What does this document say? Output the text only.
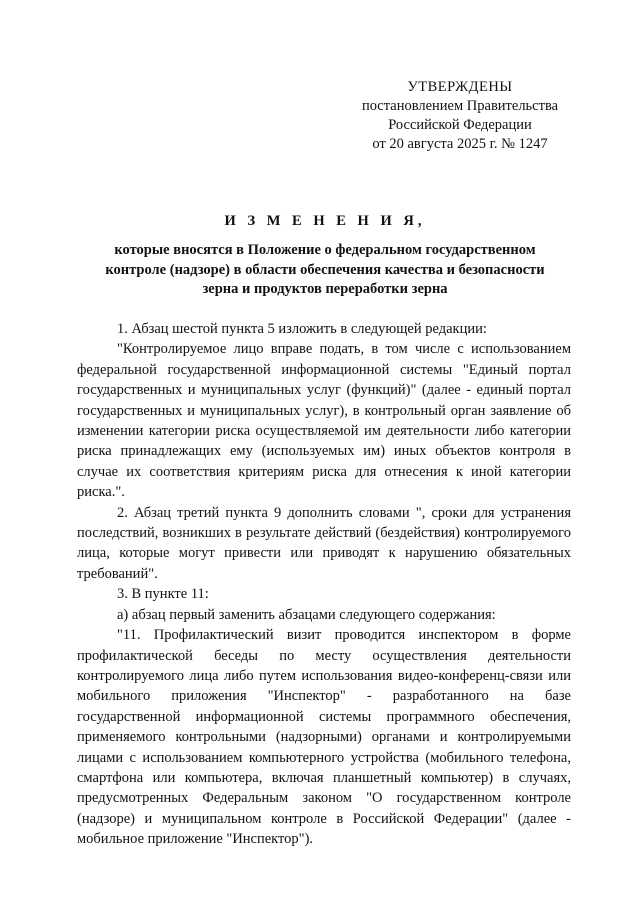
УТВЕРЖДЕНЫ
постановлением Правительства
Российской Федерации
от 20 августа 2025 г. № 1247
И З М Е Н Е Н И Я,
которые вносятся в Положение о федеральном государственном
контроле (надзоре) в области обеспечения качества и безопасности
зерна и продуктов переработки зерна

1. Абзац шестой пункта 5 изложить в следующей редакции:

"Контролируемое лицо вправе подать, в том числе с использованием федеральной государственной информационной системы "Единый портал государственных и муниципальных услуг (функций)" (далее - единый портал государственных и муниципальных услуг), в контрольный орган заявление об изменении категории риска осуществляемой им деятельности либо категории риска принадлежащих ему (используемых им) иных объектов контроля в случае их соответствия критериям риска для отнесения к иной категории риска.".

2. Абзац третий пункта 9 дополнить словами ", сроки для устранения последствий, возникших в результате действий (бездействия) контролируемого лица, которые могут привести или приводят к нарушению обязательных требований".

3. В пункте 11:

а) абзац первый заменить абзацами следующего содержания:

"11. Профилактический визит проводится инспектором в форме профилактической беседы по месту осуществления деятельности контролируемого лица либо путем использования видео-конференц-связи или мобильного приложения "Инспектор" - разработанного на базе государственной информационной системы программного обеспечения, применяемого контрольными (надзорными) органами и контролируемыми лицами с использованием компьютерного устройства (мобильного телефона, смартфона или компьютера, включая планшетный компьютер) в случаях, предусмотренных Федеральным законом "О государственном контроле (надзоре) и муниципальном контроле в Российской Федерации" (далее - мобильное приложение "Инспектор").
